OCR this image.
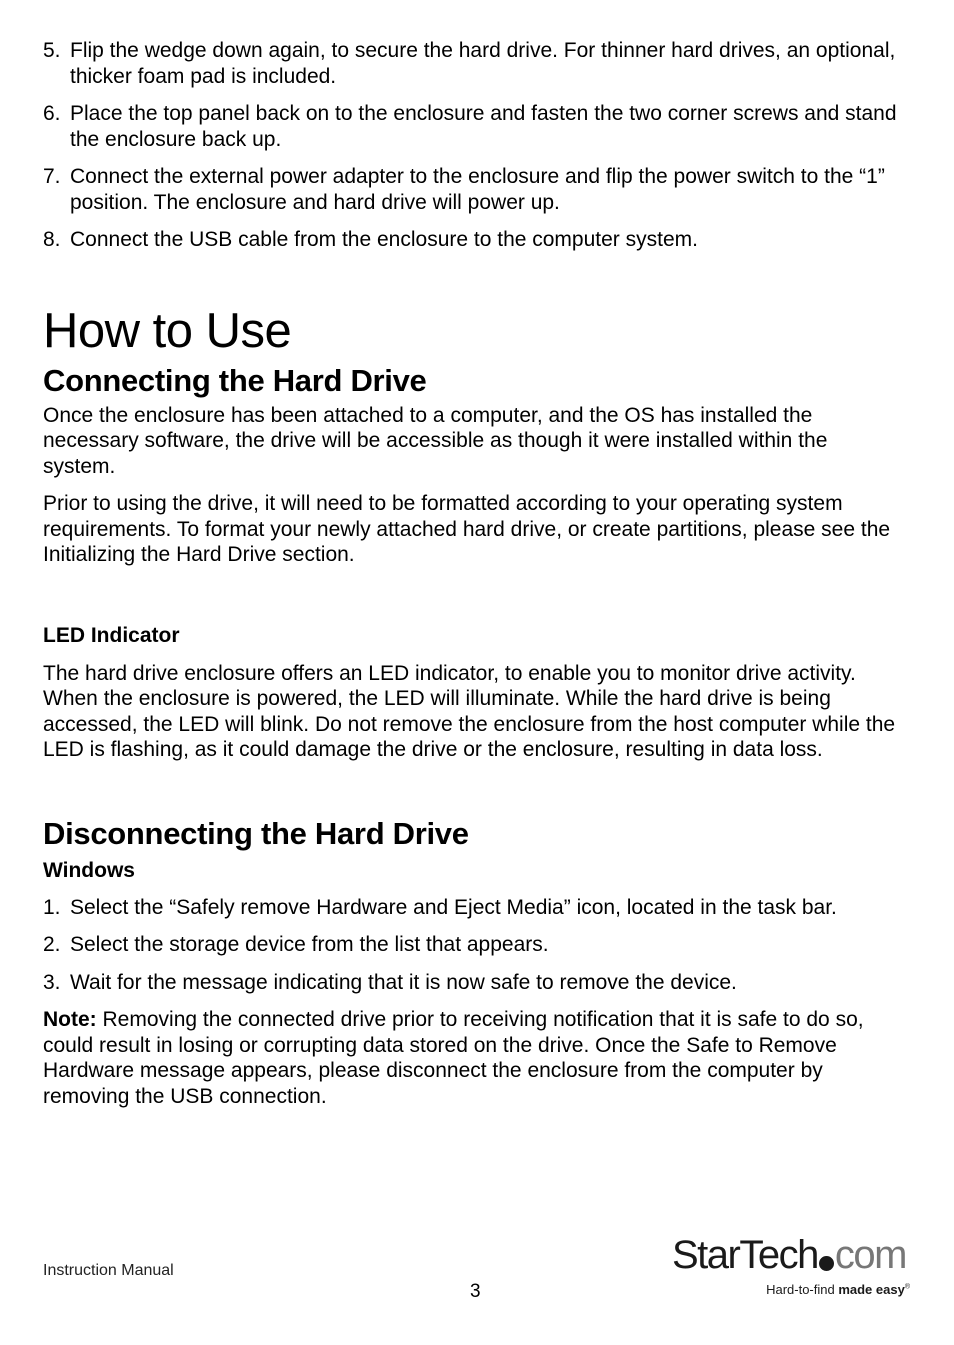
5. Flip the wedge down again, to secure the hard drive. For thinner hard drives, an optional, thicker foam pad is included.
6. Place the top panel back on to the enclosure and fasten the two corner screws and stand the enclosure back up.
7. Connect the external power adapter to the enclosure and flip the power switch to the “1” position. The enclosure and hard drive will power up.
8. Connect the USB cable from the enclosure to the computer system.
How to Use
Connecting the Hard Drive

Once the enclosure has been attached to a computer, and the OS has installed the necessary software, the drive will be accessible as though it were installed within the system.

Prior to using the drive, it will need to be formatted according to your operating system requirements. To format your newly attached hard drive, or create partitions, please see the Initializing the Hard Drive section.

LED Indicator

The hard drive enclosure offers an LED indicator, to enable you to monitor drive activity. When the enclosure is powered, the LED will illuminate. While the hard drive is being accessed, the LED will blink. Do not remove the enclosure from the host computer while the LED is flashing, as it could damage the drive or the enclosure, resulting in data loss.

Disconnecting the Hard Drive
Windows
1. Select the “Safely remove Hardware and Eject Media” icon, located in the task bar.
2. Select the storage device from the list that appears.
3. Wait for the message indicating that it is now safe to remove the device.

Note: Removing the connected drive prior to receiving notification that it is safe to do so, could result in losing or corrupting data stored on the drive. Once the Safe to Remove Hardware message appears, please disconnect the enclosure from the computer by removing the USB connection.

Instruction Manual
3
StarTech com
Hard-to-find made easy®
